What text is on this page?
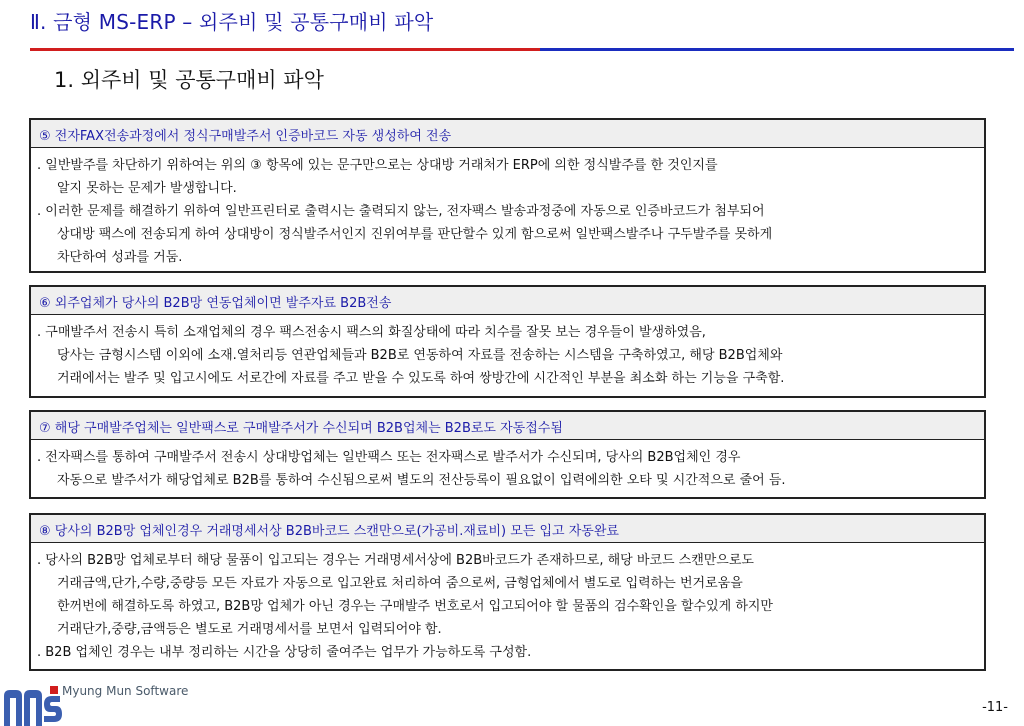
Ⅱ. 금형 MS-ERP – 외주비 및 공통구매비 파악
1. 외주비 및 공통구매비 파악
⑤ 전자FAX전송과정에서 정식구매발주서 인증바코드 자동 생성하여 전송
. 일반발주를 차단하기 위하여는 위의 ③ 항목에 있는 문구만으로는 상대방 거래처가 ERP에 의한 정식발주를 한 것인지를
알지 못하는 문제가 발생합니다.
. 이러한 문제를 해결하기 위하여 일반프린터로 출력시는 출력되지 않는, 전자팩스 발송과정중에 자동으로 인증바코드가 첨부되어
상대방 팩스에 전송되게 하여 상대방이 정식발주서인지 진위여부를 판단할수 있게 함으로써 일반팩스발주나 구두발주를 못하게
차단하여 성과를 거둠.
⑥ 외주업체가 당사의 B2B망 연동업체이면 발주자료 B2B전송
. 구매발주서 전송시 특히 소재업체의 경우 팩스전송시 팩스의 화질상태에 따라 치수를 잘못 보는 경우들이 발생하였음,
당사는 금형시스템 이외에 소재.열처리등 연관업체들과 B2B로 연동하여 자료를 전송하는 시스템을 구축하였고, 해당 B2B업체와
거래에서는 발주 및 입고시에도 서로간에 자료를 주고 받을 수 있도록 하여 쌍방간에 시간적인 부분을 최소화 하는 기능을 구축함.
⑦ 해당 구매발주업체는 일반팩스로 구매발주서가 수신되며 B2B업체는 B2B로도 자동접수됨
. 전자팩스를 통하여 구매발주서 전송시 상대방업체는 일반팩스 또는 전자팩스로 발주서가 수신되며, 당사의 B2B업체인 경우
자동으로 발주서가 해당업체로 B2B를 통하여 수신됨으로써 별도의 전산등록이 필요없이 입력에의한 오타 및 시간적으로 줄어 듬.
⑧ 당사의 B2B망 업체인경우 거래명세서상 B2B바코드 스캔만으로(가공비.재료비) 모든 입고 자동완료
. 당사의 B2B망 업체로부터 해당 물품이 입고되는 경우는 거래명세서상에 B2B바코드가 존재하므로, 해당 바코드 스캔만으로도
거래금액,단가,수량,중량등 모든 자료가 자동으로 입고완료 처리하여 줌으로써, 금형업체에서 별도로 입력하는 번거로움을
한꺼번에 해결하도록 하였고, B2B망 업체가 아닌 경우는 구매발주 번호로서 입고되어야 할 물품의 검수확인을 할수있게 하지만
거래단가,중량,금액등은 별도로 거래명세서를 보면서 입력되어야 함.
. B2B 업체인 경우는 내부 정리하는 시간을 상당히 줄여주는 업무가 가능하도록 구성함.
Myung Mun Software
-11-
